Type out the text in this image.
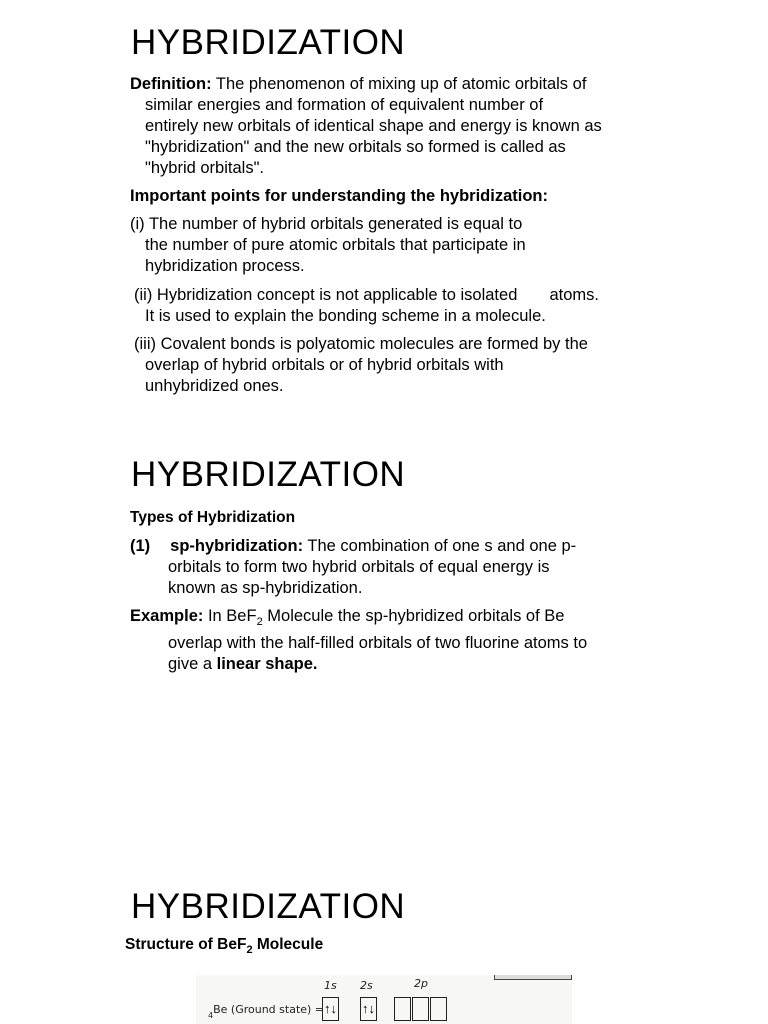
HYBRIDIZATION
Definition: The phenomenon of mixing up of atomic orbitals of
similar energies and formation of equivalent number of
entirely new orbitals of identical shape and energy is known as
"hybridization" and the new orbitals so formed is called as
"hybrid orbitals".
Important points for understanding the hybridization:
(i) The number of hybrid orbitals generated is equal to
the number of pure atomic orbitals that participate in
hybridization process.
(ii) Hybridization concept is not applicable to isolated       atoms.
It is used to explain the bonding scheme in a molecule.
(iii) Covalent bonds is polyatomic molecules are formed by the
overlap of hybrid orbitals or of hybrid orbitals with
unhybridized ones.
HYBRIDIZATION
Types of Hybridization
(1) sp-hybridization: The combination of one s and one p-
orbitals to form two hybrid orbitals of equal energy is
known as sp-hybridization.
Example: In BeF$_2$ Molecule the sp-hybridized orbitals of Be
overlap with the half-filled orbitals of two fluorine atoms to
give a linear shape.
HYBRIDIZATION
Structure of BeF$_2$ Molecule
1s 2s	2p
$_4$Be (Ground state) = ↑↓ ↑↓
